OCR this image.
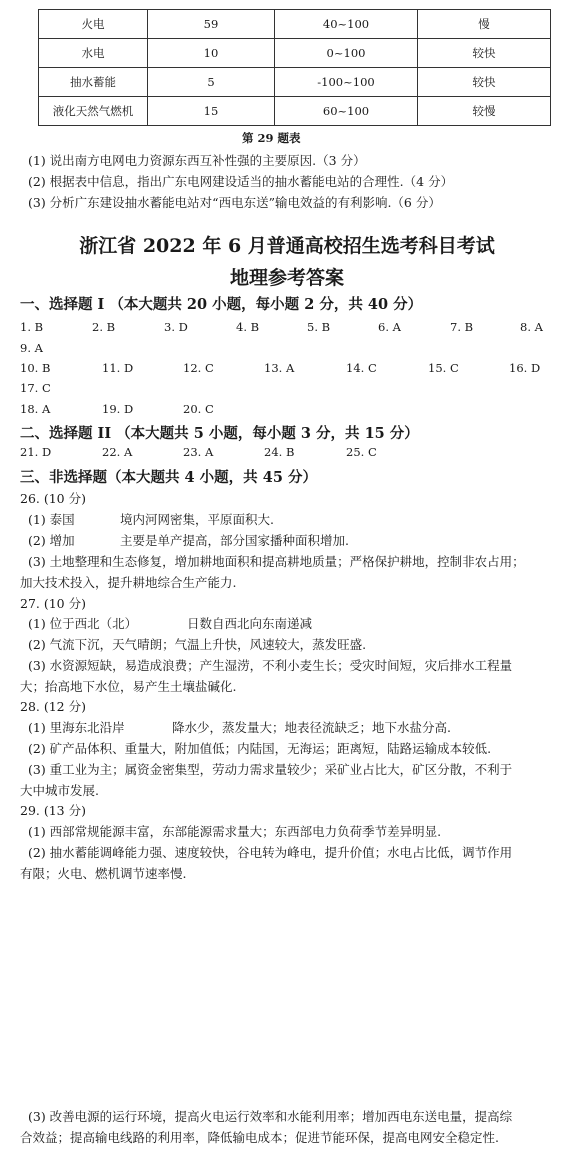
火电	59	40~100	慢
水电	10	0~100	较快
抽水蓄能	5	-100~100	较快
液化天然气燃机	15	60~100	较慢
第 29 题表
(1) 说出南方电网电力资源东西互补性强的主要原因.（3 分）
(2) 根据表中信息，指出广东电网建设适当的抽水蓄能电站的合理性.（4 分）
(3) 分析广东建设抽水蓄能电站对“西电东送”输电效益的有利影响.（6 分）
浙江省 2022 年 6 月普通高校招生选考科目考试
地理参考答案
一、选择题 I （本大题共 20 小题，每小题 2 分，共 40 分）
1. B	2. B	3. D	4. B	5. B	6. A	7. B	8. A
9. A
10. B	11. D	12. C	13. A	14. C	15. C	16. D
17. C
18. A	19. D	20. C
二、选择题 II （本大题共 5 小题，每小题 3 分，共 15 分）
21. D	22. A	23. A	24. B	25. C
三、非选择题（本大题共 4 小题，共 45 分）
26. (10 分)
(1) 泰国	境内河网密集，平原面积大.
(2) 增加	主要是单产提高，部分国家播种面积增加.
(3) 土地整理和生态修复，增加耕地面积和提高耕地质量；严格保护耕地，控制非农占用；
加大技术投入，提升耕地综合生产能力.
27. (10 分)
(1) 位于西北（北）	日数自西北向东南递减
(2) 气流下沉，天气晴朗；气温上升快，风速较大，蒸发旺盛.
(3) 水资源短缺，易造成浪费；产生湿涝，不利小麦生长；受灾时间短，灾后排水工程量
大；抬高地下水位，易产生土壤盐碱化.
28. (12 分)
(1) 里海东北沿岸	降水少，蒸发量大；地表径流缺乏；地下水盐分高.
(2) 矿产品体积、重量大，附加值低；内陆国，无海运；距离短，陆路运输成本较低.
(3) 重工业为主；属资金密集型，劳动力需求量较少；采矿业占比大，矿区分散，不利于
大中城市发展.
29. (13 分)
(1) 西部常规能源丰富，东部能源需求量大；东西部电力负荷季节差异明显.
(2) 抽水蓄能调峰能力强、速度较快，谷电转为峰电，提升价值；水电占比低，调节作用
有限；火电、燃机调节速率慢.
(3) 改善电源的运行环境，提高火电运行效率和水能利用率；增加西电东送电量，提高综
合效益；提高输电线路的利用率，降低输电成本；促进节能环保，提高电网安全稳定性.
